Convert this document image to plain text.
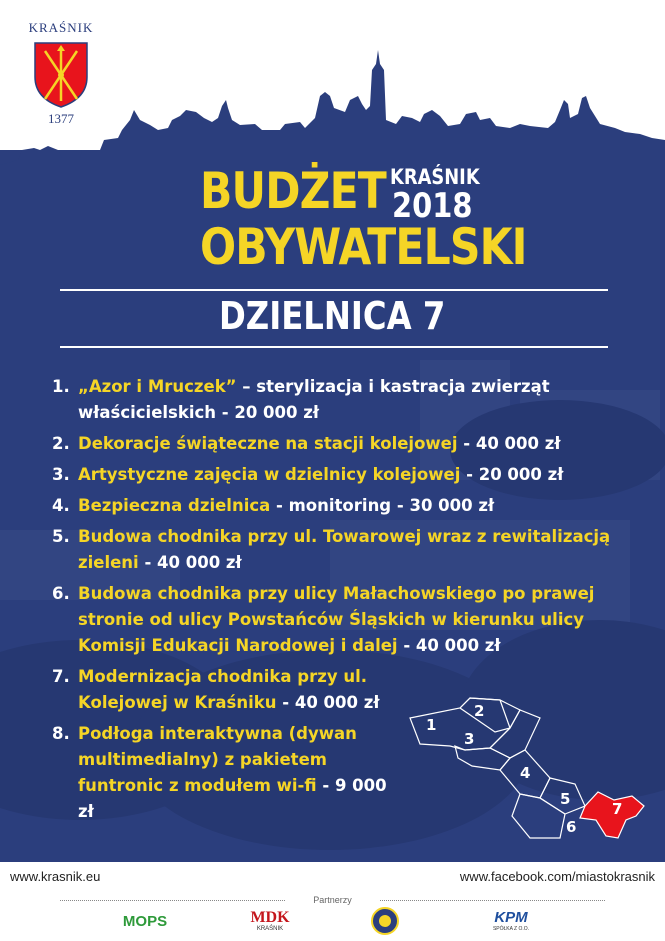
KRAŚNIK
1377
BUDŻET KRAŚNIK
2018
OBYWATELSKI
DZIELNICA 7
1. „Azor i Mruczek” – sterylizacja i kastracja zwierząt właścicielskich - 20 000 zł
2. Dekoracje świąteczne na stacji kolejowej - 40 000 zł
3. Artystyczne zajęcia w dzielnicy kolejowej - 20 000 zł
4. Bezpieczna dzielnica - monitoring - 30 000 zł
5. Budowa chodnika przy ul. Towarowej wraz z rewitalizacją zieleni - 40 000 zł
6. Budowa chodnika przy ulicy Małachowskiego po prawej stronie od ulicy Powstańców Śląskich w kierunku ulicy Komisji Edukacji Narodowej i dalej - 40 000 zł
7. Modernizacja chodnika przy ul. Kolejowej w Kraśniku - 40 000 zł
8. Podłoga interaktywna (dywan multimedialny) z pakietem funtronic z modułem wi-fi - 9 000 zł
1
2
3
4
5
6
7
www.krasnik.eu	www.facebook.com/miastokrasnik
Partnerzy
MOPS	MDK
KRAŚNIK
KPM
SPÓŁKA Z O.O.
